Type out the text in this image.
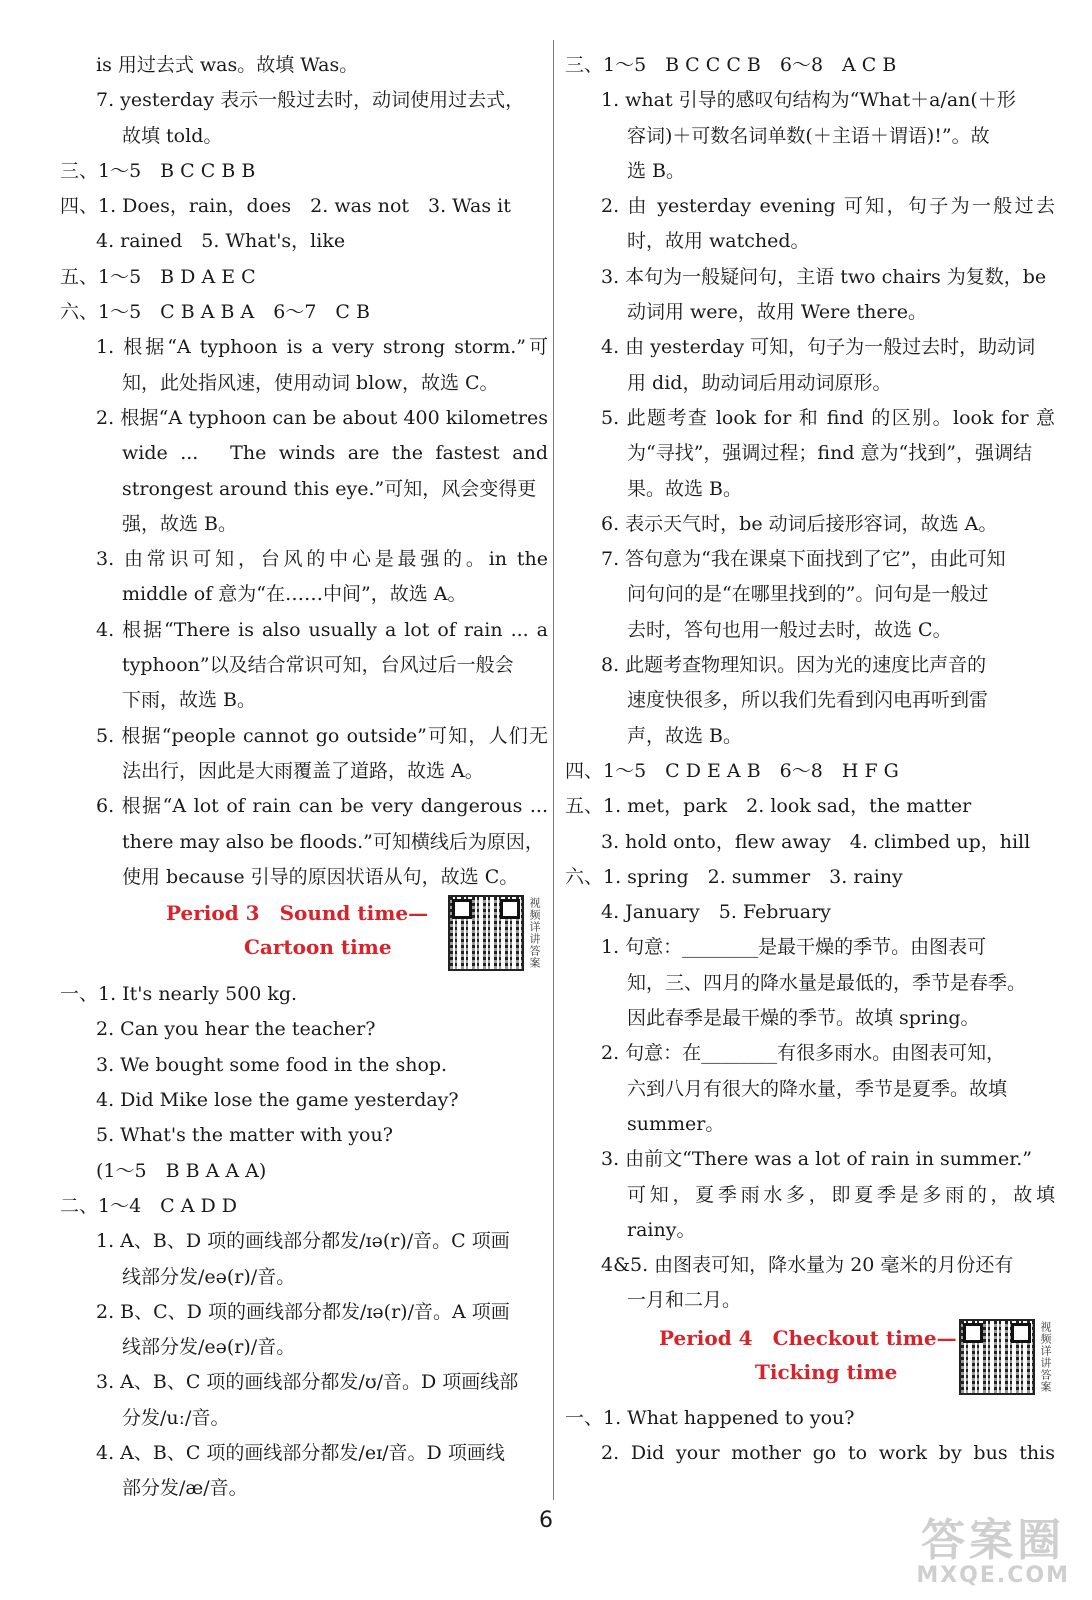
is 用过去式 was。故填 Was。
7. yesterday 表示一般过去时，动词使用过去式，
故填 told。
三、1～5　B C C B B
四、1. Does，rain，does　2. was not　3. Was it
4. rained　5. What's，like
五、1～5　B D A E C
六、1～5　C B A B A　6～7　C B
1. 根据“A typhoon is a very strong storm.”可
知，此处指风速，使用动词 blow，故选 C。
2. 根据“A typhoon can be about 400 kilometres
wide ...　The winds are the fastest and
strongest around this eye.”可知，风会变得更
强，故选 B。
3. 由常识可知，台风的中心是最强的。in the
middle of 意为“在……中间”，故选 A。
4. 根据“There is also usually a lot of rain ... a
typhoon”以及结合常识可知，台风过后一般会
下雨，故选 B。
5. 根据“people cannot go outside”可知，人们无
法出行，因此是大雨覆盖了道路，故选 A。
6. 根据“A lot of rain can be very dangerous ...
there may also be floods.”可知横线后为原因，
使用 because 引导的原因状语从句，故选 C。
Period 3　Sound time—
Cartoon time	视频详讲答案
一、1. It's nearly 500 kg.
2. Can you hear the teacher?
3. We bought some food in the shop.
4. Did Mike lose the game yesterday?
5. What's the matter with you?
(1～5　B B A A A)
二、1～4　C A D D
1. A、B、D 项的画线部分都发/ɪə(r)/音。C 项画
线部分发/eə(r)/音。
2. B、C、D 项的画线部分都发/ɪə(r)/音。A 项画
线部分发/eə(r)/音。
3. A、B、C 项的画线部分都发/ʊ/音。D 项画线部
分发/uː/音。
4. A、B、C 项的画线部分都发/eɪ/音。D 项画线
部分发/æ/音。
三、1～5　B C C C B　6～8　A C B
1. what 引导的感叹句结构为“What＋a/an(＋形
容词)＋可数名词单数(＋主语＋谓语)!”。故
选 B。
2. 由 yesterday evening 可知，句子为一般过去
时，故用 watched。
3. 本句为一般疑问句，主语 two chairs 为复数，be
动词用 were，故用 Were there。
4. 由 yesterday 可知，句子为一般过去时，助动词
用 did，助动词后用动词原形。
5. 此题考查 look for 和 find 的区别。look for 意
为“寻找”，强调过程；find 意为“找到”，强调结
果。故选 B。
6. 表示天气时，be 动词后接形容词，故选 A。
7. 答句意为“我在课桌下面找到了它”，由此可知
问句问的是“在哪里找到的”。问句是一般过
去时，答句也用一般过去时，故选 C。
8. 此题考查物理知识。因为光的速度比声音的
速度快很多，所以我们先看到闪电再听到雷
声，故选 B。
四、1～5　C D E A B　6～8　H F G
五、1. met，park　2. look sad，the matter
3. hold onto，flew away　4. climbed up，hill
六、1. spring　2. summer　3. rainy
4. January　5. February
1. 句意：________是最干燥的季节。由图表可
知，三、四月的降水量是最低的，季节是春季。
因此春季是最干燥的季节。故填 spring。
2. 句意：在________有很多雨水。由图表可知，
六到八月有很大的降水量，季节是夏季。故填
summer。
3. 由前文“There was a lot of rain in summer.”
可知，夏季雨水多，即夏季是多雨的，故填
rainy。
4&5. 由图表可知，降水量为 20 毫米的月份还有
一月和二月。
Period 4　Checkout time—
Ticking time	视频详讲答案
一、1. What happened to you?
2. Did your mother go to work by bus this
6	答案圈
MXQE.COM
